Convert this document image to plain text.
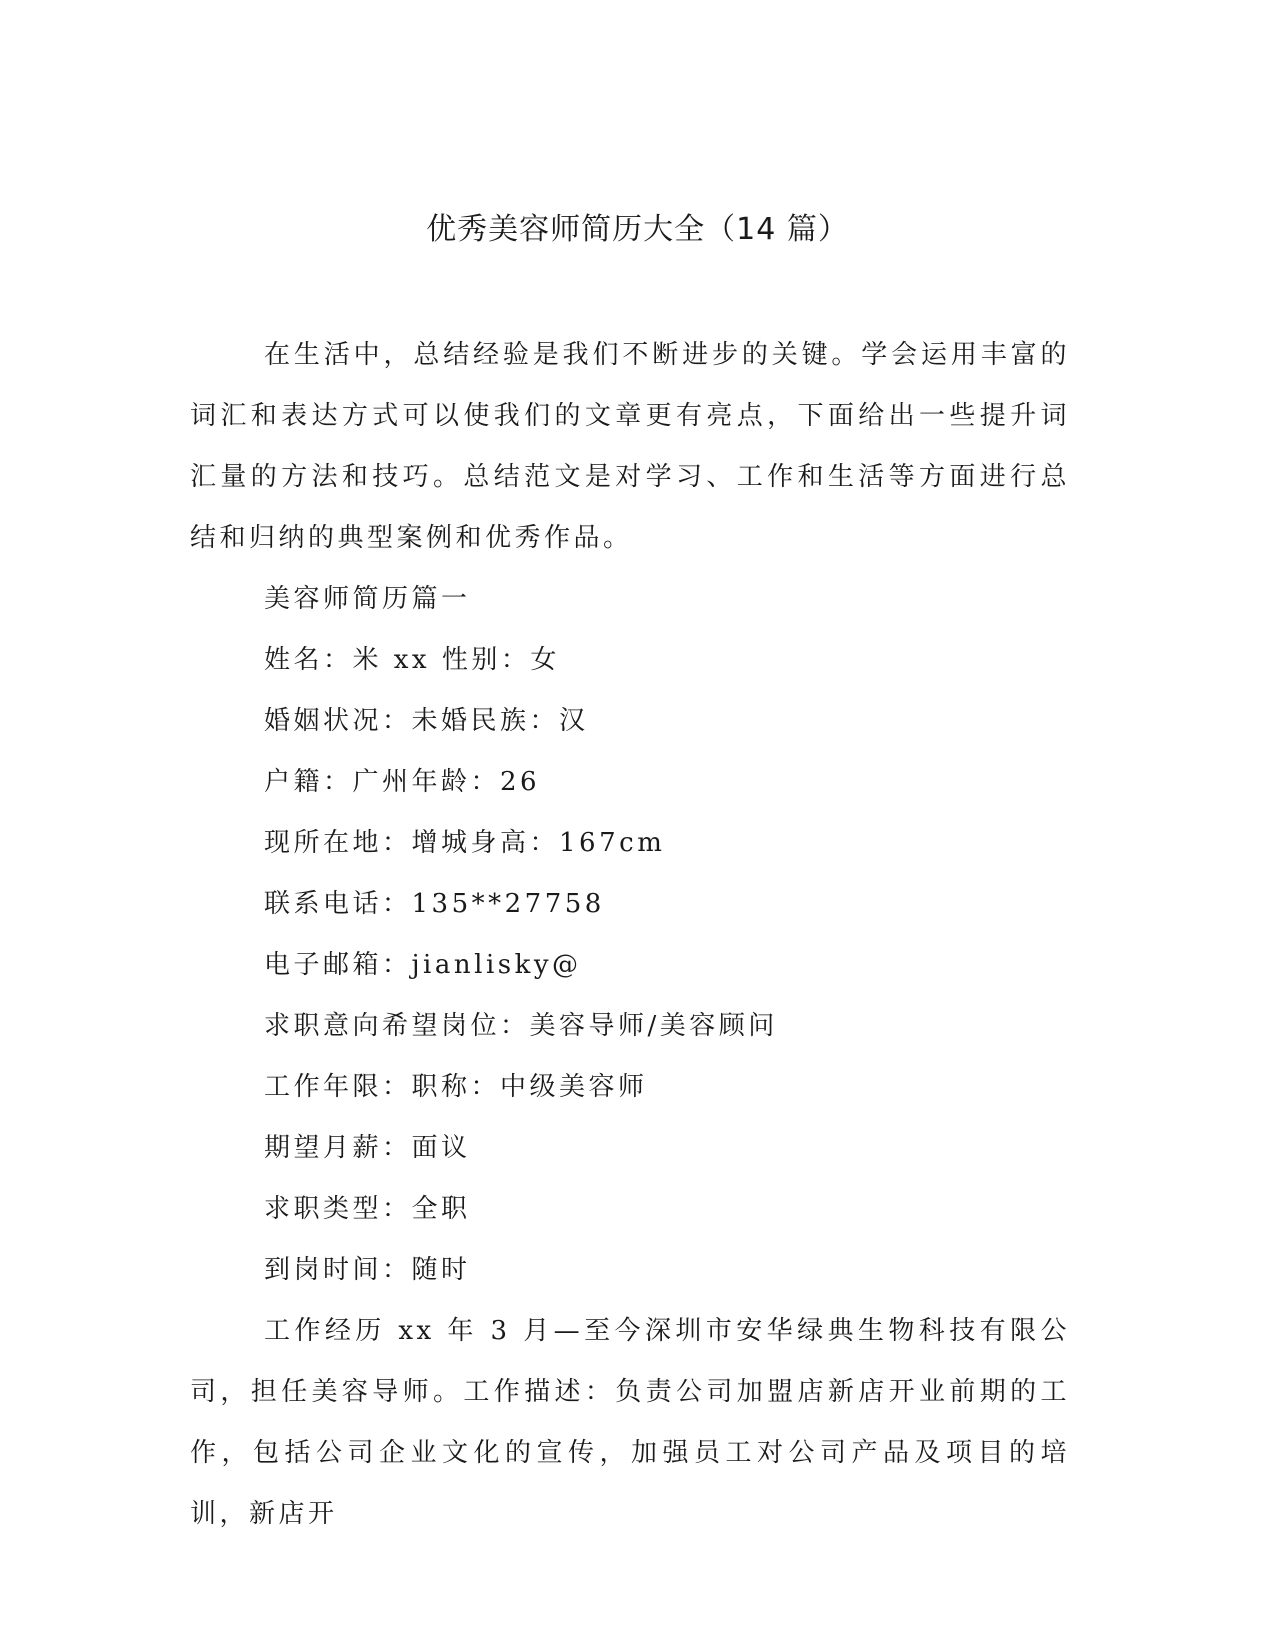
优秀美容师简历大全（14 篇）

在生活中，总结经验是我们不断进步的关键。学会运用丰富的词汇和表达方式可以使我们的文章更有亮点，下面给出一些提升词汇量的方法和技巧。总结范文是对学习、工作和生活等方面进行总结和归纳的典型案例和优秀作品。

美容师简历篇一

姓名：米 xx 性别：女

婚姻状况：未婚民族：汉

户籍：广州年龄：26

现所在地：增城身高：167cm

联系电话：135**27758

电子邮箱：jianlisky@

求职意向希望岗位：美容导师/美容顾问

工作年限：职称：中级美容师

期望月薪：面议

求职类型：全职

到岗时间：随时

工作经历 xx 年 3 月—至今深圳市安华绿典生物科技有限公司，担任美容导师。工作描述：负责公司加盟店新店开业前期的工作，包括公司企业文化的宣传，加强员工对公司产品及项目的培训，新店开
